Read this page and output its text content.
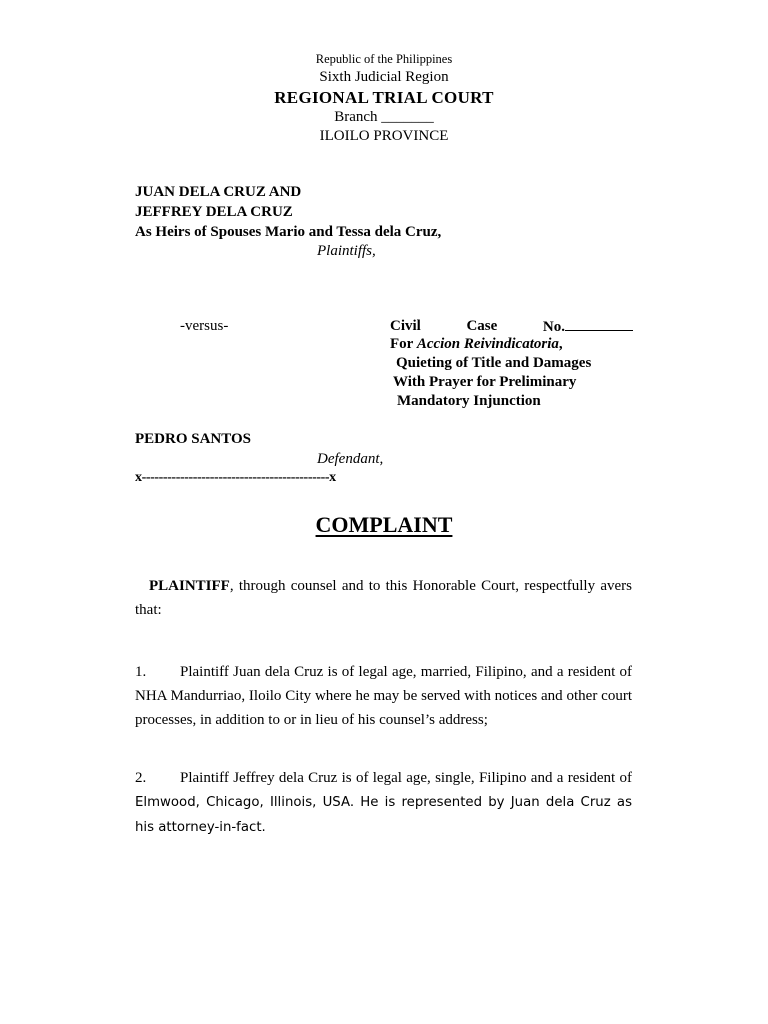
Republic of the Philippines
Sixth Judicial Region
REGIONAL TRIAL COURT
Branch _______
ILOILO PROVINCE
JUAN DELA CRUZ AND
JEFFREY DELA CRUZ
As Heirs of Spouses Mario and Tessa dela Cruz,
Plaintiffs,
-versus-	Civil	Case	No.
For Accion Reivindicatoria,
Quieting of Title and Damages
With Prayer for Preliminary
Mandatory Injunction
PEDRO SANTOS
Defendant,
x--------------------------------------------x
COMPLAINT

PLAINTIFF, through counsel and to this Honorable Court, respectfully avers that:

1. Plaintiff Juan dela Cruz is of legal age, married, Filipino, and a resident of NHA Mandurriao, Iloilo City where he may be served with notices and other court processes, in addition to or in lieu of his counsel’s address;

2. Plaintiff Jeffrey dela Cruz is of legal age, single, Filipino and a resident of Elmwood, Chicago, Illinois, USA. He is represented by Juan dela Cruz as his attorney-in-fact.
